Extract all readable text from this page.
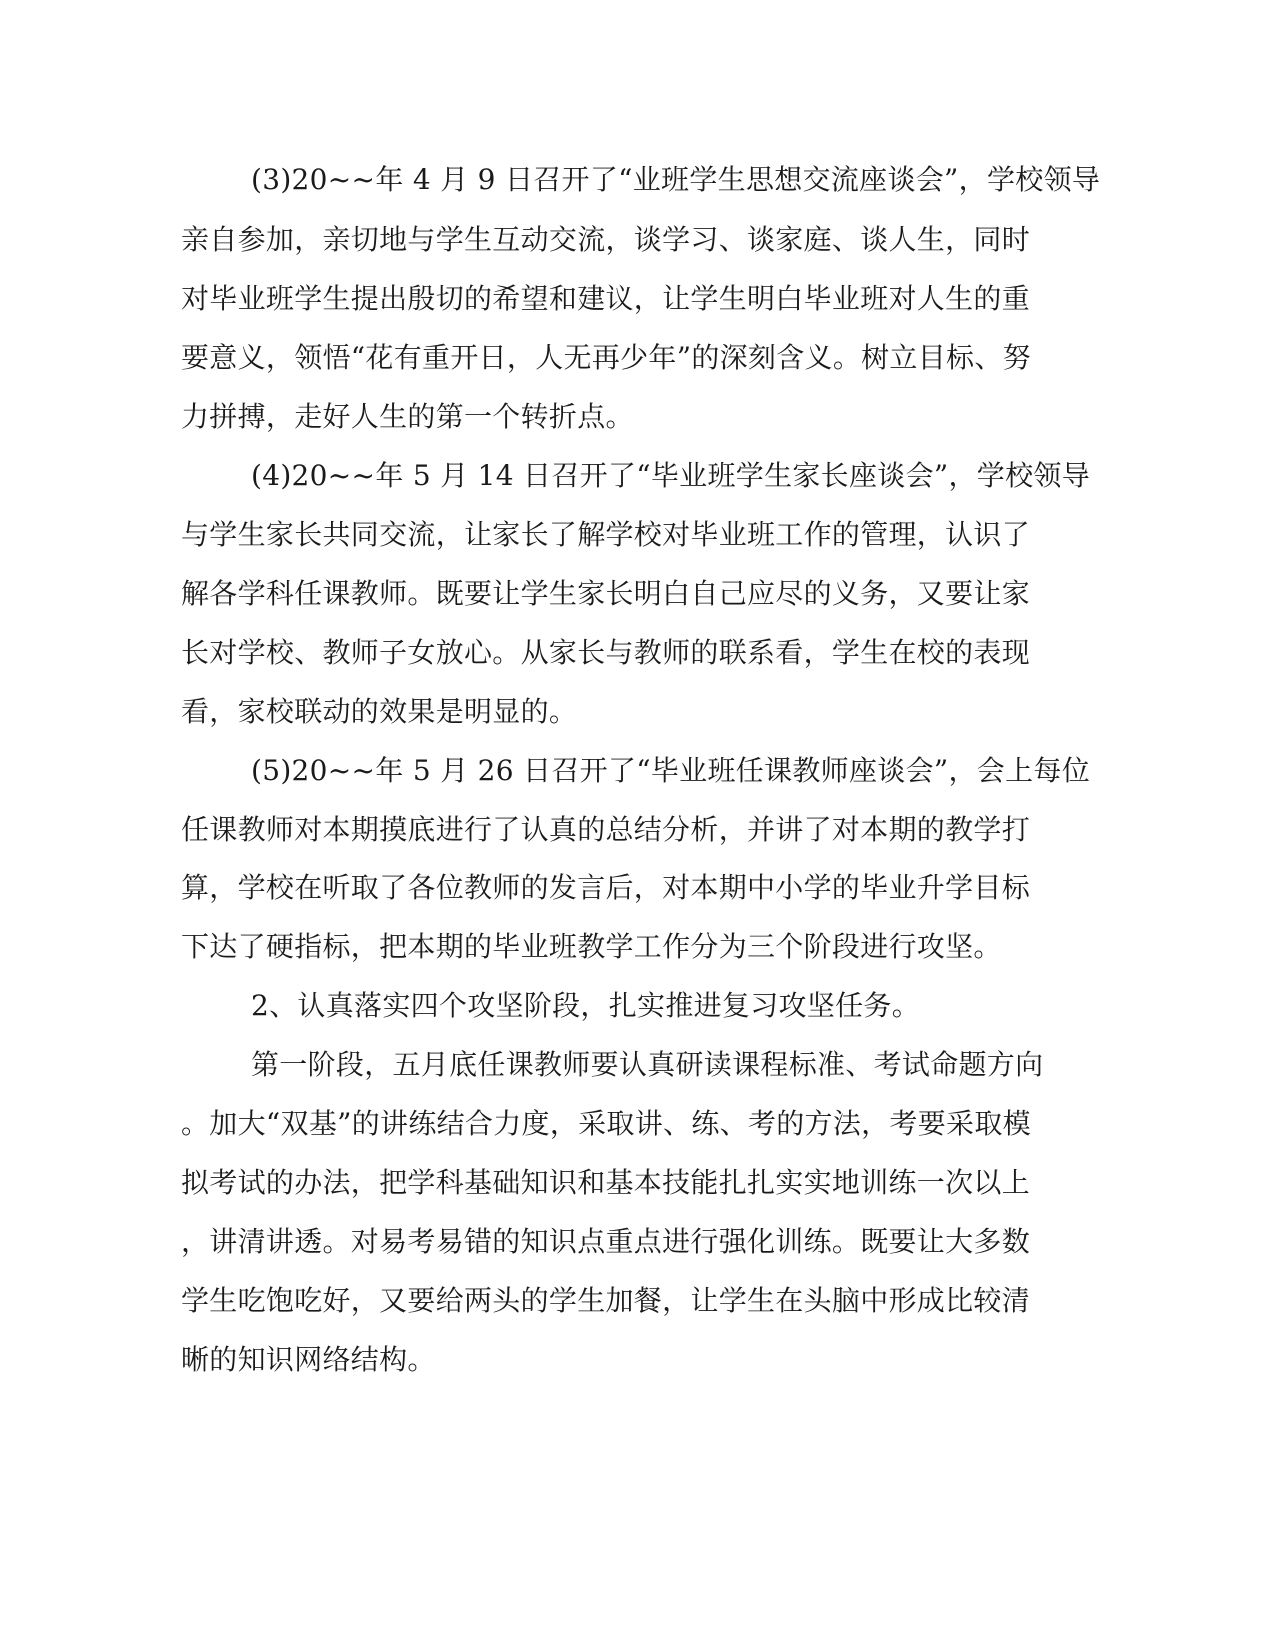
(3)20~~年 4 月 9 日召开了“业班学生思想交流座谈会”，学校领导

亲自参加，亲切地与学生互动交流，谈学习、谈家庭、谈人生，同时

对毕业班学生提出殷切的希望和建议，让学生明白毕业班对人生的重

要意义，领悟“花有重开日，人无再少年”的深刻含义。树立目标、努

力拼搏，走好人生的第一个转折点。

(4)20~~年 5 月 14 日召开了“毕业班学生家长座谈会”，学校领导

与学生家长共同交流，让家长了解学校对毕业班工作的管理，认识了

解各学科任课教师。既要让学生家长明白自己应尽的义务，又要让家

长对学校、教师子女放心。从家长与教师的联系看，学生在校的表现

看，家校联动的效果是明显的。

(5)20~~年 5 月 26 日召开了“毕业班任课教师座谈会”，会上每位

任课教师对本期摸底进行了认真的总结分析，并讲了对本期的教学打

算，学校在听取了各位教师的发言后，对本期中小学的毕业升学目标

下达了硬指标，把本期的毕业班教学工作分为三个阶段进行攻坚。

2、认真落实四个攻坚阶段，扎实推进复习攻坚任务。

第一阶段，五月底任课教师要认真研读课程标准、考试命题方向

。加大“双基”的讲练结合力度，采取讲、练、考的方法，考要采取模

拟考试的办法，把学科基础知识和基本技能扎扎实实地训练一次以上

，讲清讲透。对易考易错的知识点重点进行强化训练。既要让大多数

学生吃饱吃好，又要给两头的学生加餐，让学生在头脑中形成比较清

晰的知识网络结构。
